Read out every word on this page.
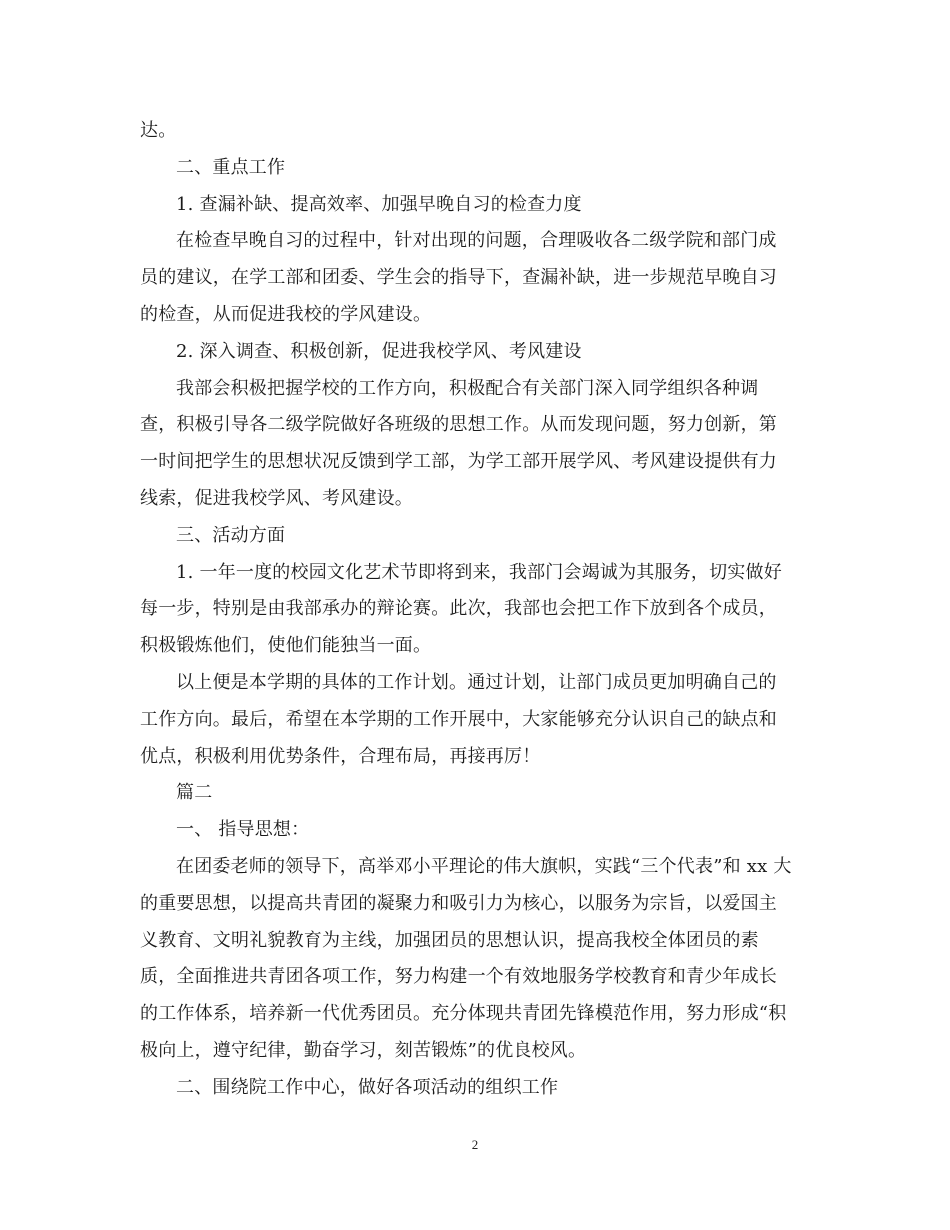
达。
二、重点工作
1. 查漏补缺、提高效率、加强早晚自习的检查力度
在检查早晚自习的过程中，针对出现的问题，合理吸收各二级学院和部门成
员的建议，在学工部和团委、学生会的指导下，查漏补缺，进一步规范早晚自习
的检查，从而促进我校的学风建设。
2. 深入调查、积极创新，促进我校学风、考风建设
我部会积极把握学校的工作方向，积极配合有关部门深入同学组织各种调
查，积极引导各二级学院做好各班级的思想工作。从而发现问题，努力创新，第
一时间把学生的思想状况反馈到学工部，为学工部开展学风、考风建设提供有力
线索，促进我校学风、考风建设。
三、活动方面
1. 一年一度的校园文化艺术节即将到来，我部门会竭诚为其服务，切实做好
每一步，特别是由我部承办的辩论赛。此次，我部也会把工作下放到各个成员，
积极锻炼他们，使他们能独当一面。
以上便是本学期的具体的工作计划。通过计划，让部门成员更加明确自己的
工作方向。最后，希望在本学期的工作开展中，大家能够充分认识自己的缺点和
优点，积极利用优势条件，合理布局，再接再厉！
篇二
一、 指导思想：
在团委老师的领导下，高举邓小平理论的伟大旗帜，实践“三个代表”和 xx 大
的重要思想，以提高共青团的凝聚力和吸引力为核心，以服务为宗旨，以爱国主
义教育、文明礼貌教育为主线，加强团员的思想认识，提高我校全体团员的素
质，全面推进共青团各项工作，努力构建一个有效地服务学校教育和青少年成长
的工作体系，培养新一代优秀团员。充分体现共青团先锋模范作用，努力形成“积
极向上，遵守纪律，勤奋学习，刻苦锻炼”的优良校风。
二、围绕院工作中心，做好各项活动的组织工作
2
